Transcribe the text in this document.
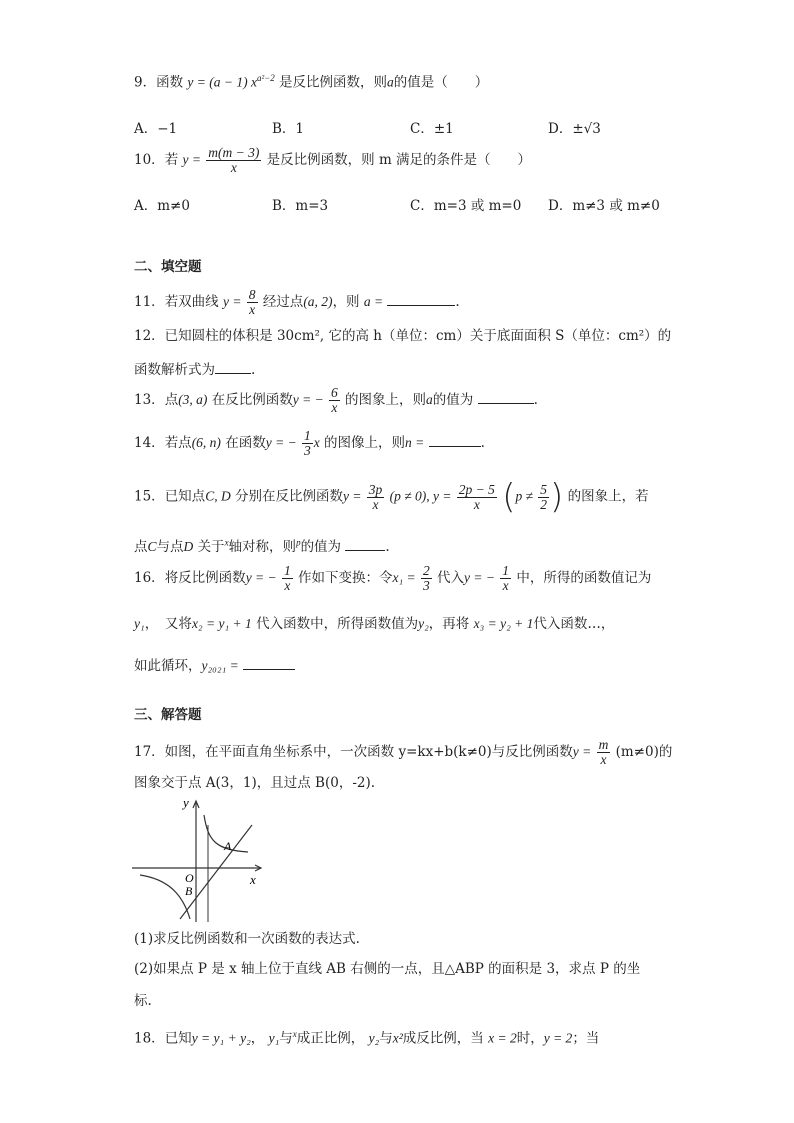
9．函数 y = (a − 1) $x^{a^2-2}$ 是反比例函数，则a的值是（　　）
A．−1	B．1	C．±1	D．±√3
10．若 $y = \frac{m(m - 3)}{x}$ 是反比例函数，则 m 满足的条件是（　　）
A．m≠0	B．m=3	C．m=3 或 m=0 D．m≠3 或 m≠0
二、填空题
11．若双曲线 $y = \frac{8}{x}$ 经过点(a, 2)，则 a =	.
12．已知圆柱的体积是 30cm², 它的高 h（单位：cm）关于底面面积 S（单位：cm²）的
函数解析式为	.
13．点(3, a) 在反比例函数y = − $\frac{6}{x}$ 的图象上，则a的值为	.
14．若点(6, n) 在函数y = − $\frac{1}{3}$ x 的图像上，则n =	.
15．已知点C, D 分别在反比例函数$y = \frac{3p}{x} (p \ne 0)$, $y = \frac{2p - 5}{x} (p \ne \frac{5}{2}$ ) 的图象上，若
点C与点D 关于$^x$轴对称，则$^p$的值为	.
16．将反比例函数y = − $\frac{1}{x}$ 作如下变换：令$x_1 = \frac{2}{3}$ 代入y = − $\frac{1}{x}$ 中，所得的函数值记为
y₁，　又将x₂ = y₁ + 1 代入函数中，所得函数值为y₂，再将 x₃ = y₂ + 1代入函数…，
如此循环，y₂₀₂₁ =
三、解答题
17．如图，在平面直角坐标系中，一次函数 y=kx+b(k≠0)与反比例函数$y = \frac{m}{x} (m\ne 0)$的
图象交于点 A(3，1)，且过点 B(0，-2).
y
x
O
A
B
(1)求反比例函数和一次函数的表达式.
(2)如果点 P 是 x 轴上位于直线 AB 右侧的一点，且△ABP 的面积是 3，求点 P 的坐
标.
18．已知y = y₁ + y₂， y₁与$^x$成正比例， y₂与x²成反比例，当 x = 2时，y = 2；当
